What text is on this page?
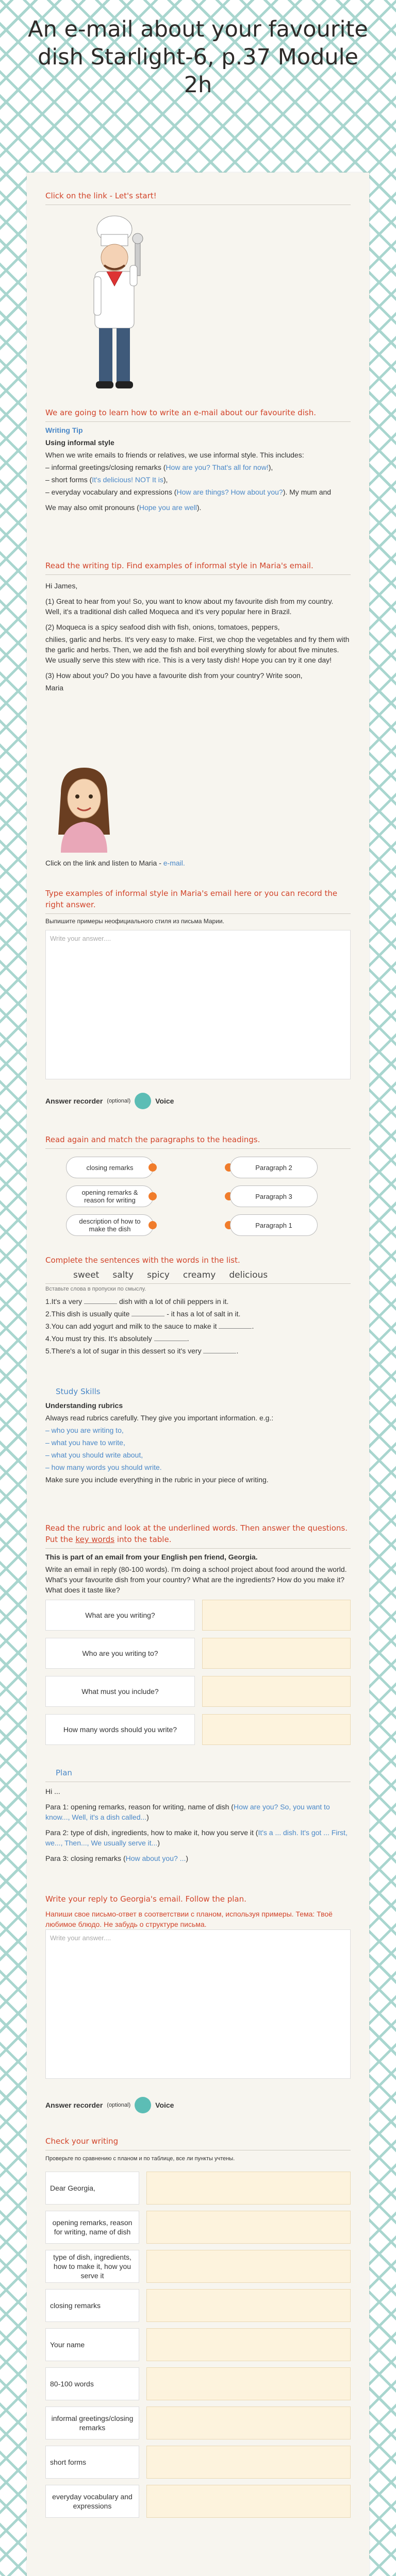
An e-mail about your favourite dish Starlight-6, p.37 Module 2h
Click on the link - Let's start!
We are going to learn how to write an e-mail about our favourite dish.

Writing Tip

Using informal style

When we write emails to friends or relatives, we use informal style. This includes:

– informal greetings/closing remarks (How are you? That's all for now!),

– short forms (It's delicious! NOT It is),

– everyday vocabulary and expressions (How are things? How about you?). My mum and

We may also omit pronouns (Hope you are well).

Read the writing tip. Find examples of informal style in Maria's email.

Hi James,

(1) Great to hear from you! So, you want to know about my favourite dish from my country. Well, it's a traditional dish called Moqueca and it's very popular here in Brazil.

(2) Moqueca is a spicy seafood dish with fish, onions, tomatoes, peppers,

chilies, garlic and herbs. It's very easy to make. First, we chop the vegetables and fry them with the garlic and herbs. Then, we add the fish and boil everything slowly for about five minutes. We usually serve this stew with rice. This is a very tasty dish! Hope you can try it one day!

(3) How about you? Do you have a favourite dish from your country? Write soon,

Maria

Click on the link and listen to Maria - e-mail.

Type examples of informal style in Maria's email here or you can record the right answer.

Выпишите примеры неофициального стиля из письма Марии.

Write your answer....
Answer recorder (optional)	Voice
Read again and match the paragraphs to the headings.
closing remarks
opening remarks & reason for writing
description of how to make the dish
Paragraph 2
Paragraph 3
Paragraph 1
Complete the sentences with the words in the list.
sweet salty spicy creamy delicious

Вставьте слова в пропуски по смыслу.

1.It's a very	dish with a lot of chili peppers in it.

2.This dish is usually quite	- it has a lot of salt in it.

3.You can add yogurt and milk to the sauce to make it	.

4.You must try this. It's absolutely	.

5.There's a lot of sugar in this dessert so it's very	.

Study Skills

Understanding rubrics

Always read rubrics carefully. They give you important information. e.g.:

– who you are writing to,

– what you have to write,

– what you should write about,

– how many words you should write.

Make sure you include everything in the rubric in your piece of writing.

Read the rubric and look at the underlined words. Then answer the questions. Put the key words into the table.

This is part of an email from your English pen friend, Georgia.

Write an email in reply (80-100 words). I'm doing a school project about food around the world. What's your favourite dish from your country? What are the ingredients? How do you make it? What does it taste like?

What are you writing?
Who are you writing to?
What must you include?
How many words should you write?
Plan

Hi ...

Para 1: opening remarks, reason for writing, name of dish (How are you? So, you want to know..., Well, it's a dish called...)

Para 2: type of dish, ingredients, how to make it, how you serve it (It's a ... dish. It's got ... First, we..., Then..., We usually serve it...)

Para 3: closing remarks (How about you? ...)

Write your reply to Georgia's email. Follow the plan.

Напиши свое письмо-ответ в соответствии с планом, используя примеры. Тема: Твоё любимое блюдо. Не забудь о структуре письма.

Write your answer....
Answer recorder (optional)	Voice
Check your writing

Проверьте по сравнению с планом и по таблице, все ли пункты учтены.

Dear Georgia,
opening remarks, reason for writing, name of dish
type of dish, ingredients, how to make it, how you serve it
closing remarks
Your name
80-100 words
informal greetings/closing remarks
short forms
everyday vocabulary and expressions
